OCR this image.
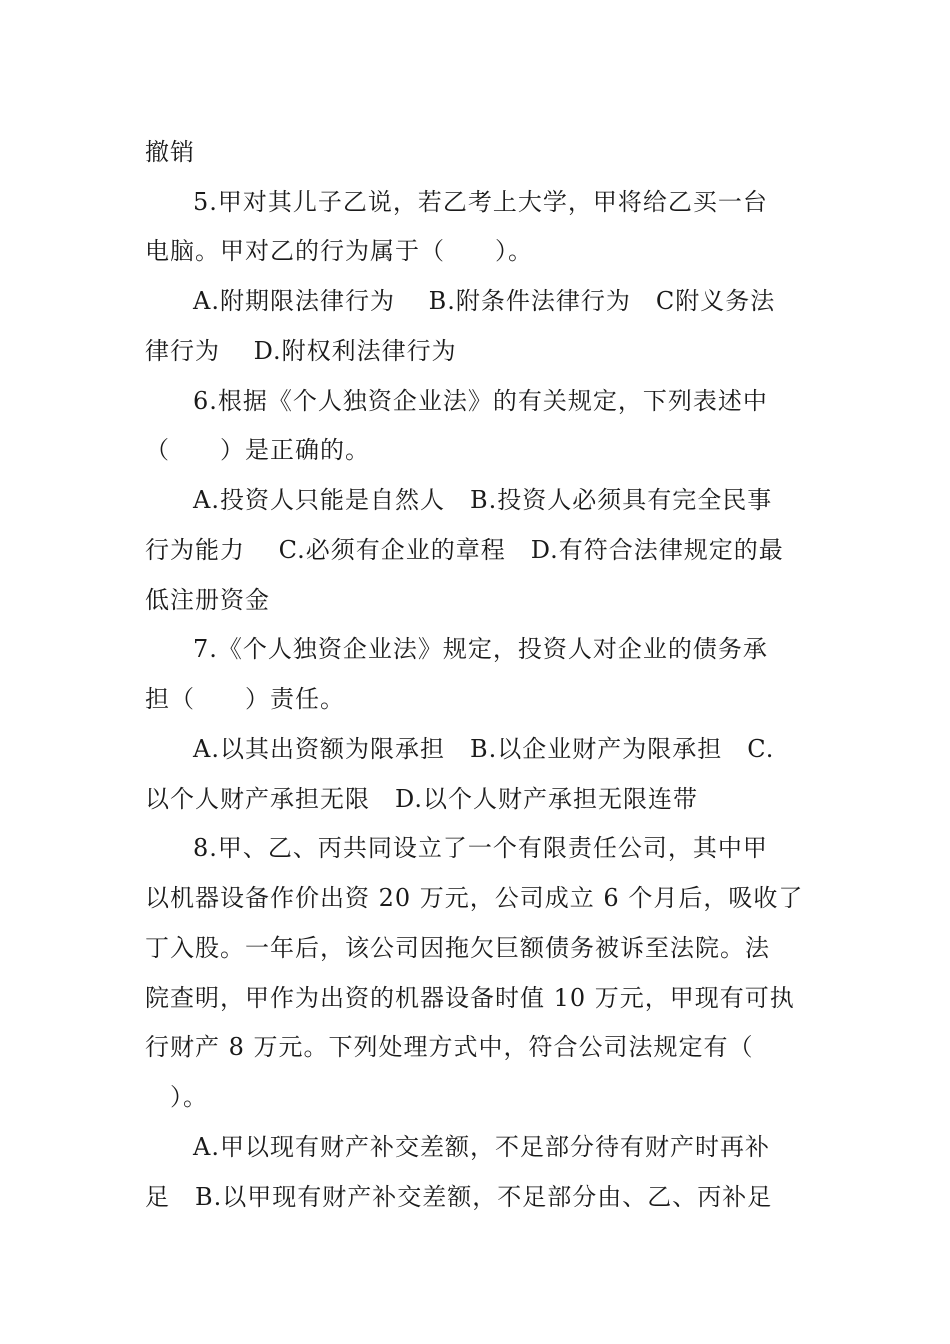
撤销
5.甲对其儿子乙说，若乙考上大学，甲将给乙买一台
电脑。甲对乙的行为属于（　　）。
A.附期限法律行为　 B.附条件法律行为　C附义务法
律行为　 D.附权利法律行为
6.根据《个人独资企业法》的有关规定，下列表述中
（　　）是正确的。
A.投资人只能是自然人　B.投资人必须具有完全民事
行为能力　 C.必须有企业的章程　D.有符合法律规定的最
低注册资金
7.《个人独资企业法》规定，投资人对企业的债务承
担（　　）责任。
A.以其出资额为限承担　B.以企业财产为限承担　C.
以个人财产承担无限　D.以个人财产承担无限连带
8.甲、乙、丙共同设立了一个有限责任公司，其中甲
以机器设备作价出资 20 万元，公司成立 6 个月后，吸收了
丁入股。一年后，该公司因拖欠巨额债务被诉至法院。法
院查明，甲作为出资的机器设备时值 10 万元，甲现有可执
行财产 8 万元。下列处理方式中，符合公司法规定有（
　）。
A.甲以现有财产补交差额，不足部分待有财产时再补
足　B.以甲现有财产补交差额，不足部分由、乙、丙补足
